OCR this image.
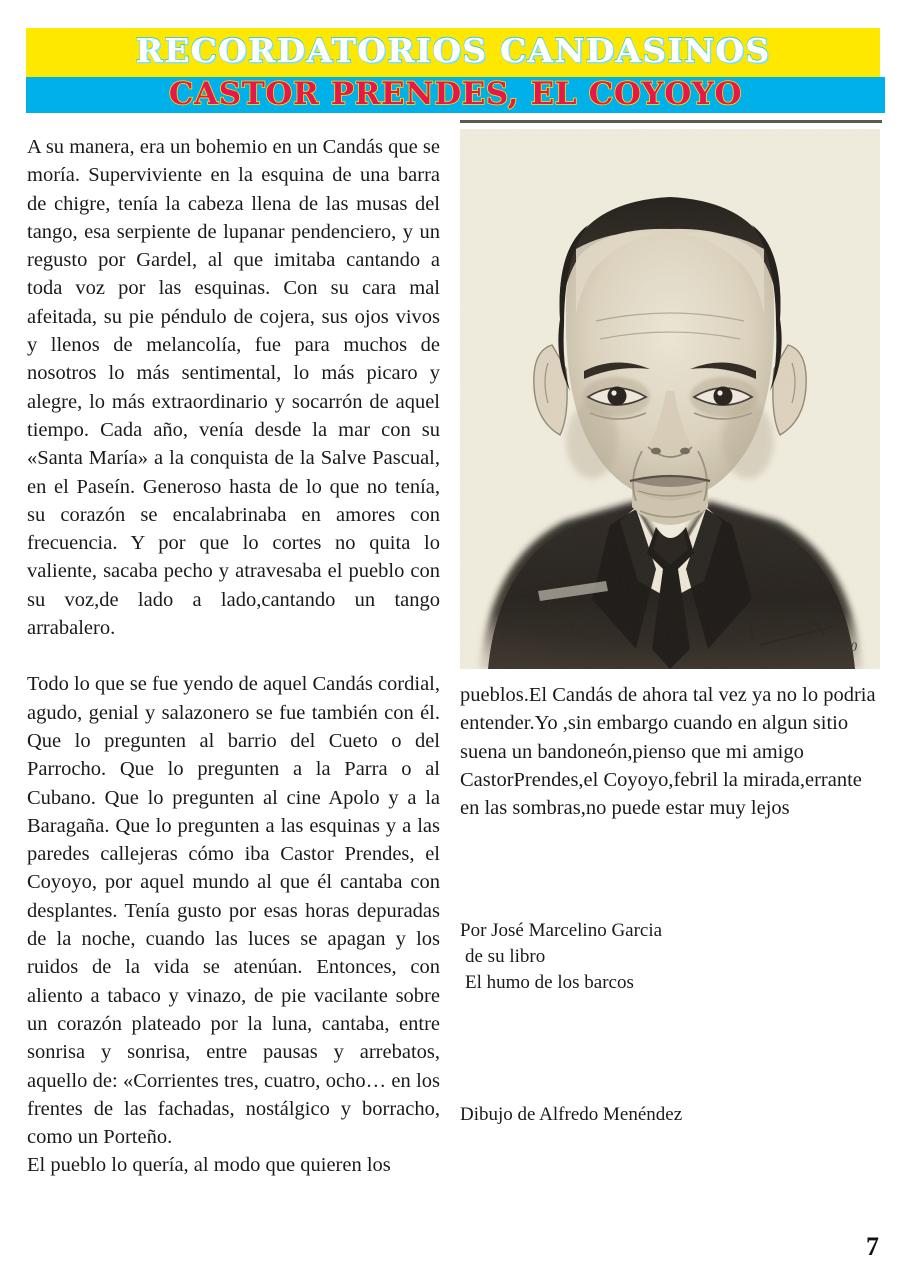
RECORDATORIOS CANDASINOS
CASTOR PRENDES, EL COYOYO

A su manera, era un bohemio en un Candás que se moría. Superviviente en la esquina de una barra de chigre, tenía la cabeza llena de las musas del tango, esa serpiente de lupanar pendenciero, y un regusto por Gardel, al que imitaba cantando a toda voz por las esquinas. Con su cara mal afeitada, su pie péndulo de cojera, sus ojos vivos y llenos de melancolía, fue para muchos de nosotros lo más sentimental, lo más picaro y alegre, lo más extraordinario y socarrón de aquel tiempo. Cada año, venía desde la mar con su «Santa María» a la conquista de la Salve Pascual, en el Paseín. Generoso hasta de lo que no tenía, su corazón se encalabrinaba en amores con frecuencia. Y por que lo cortes no quita lo valiente, sacaba pecho y atravesaba el pueblo con su voz,de lado a lado,cantando un tango arrabalero.

Todo lo que se fue yendo de aquel Candás cordial, agudo, genial y salazonero se fue también con él. Que lo pregunten al barrio del Cueto o del Parrocho. Que lo pregunten a la Parra o al Cubano. Que lo pregunten al cine Apolo y a la Baragaña. Que lo pregunten a las esquinas y a las paredes callejeras cómo iba Castor Prendes, el Coyoyo, por aquel mundo al que él cantaba con desplantes. Tenía gusto por esas horas depuradas de la noche, cuando las luces se apagan y los ruidos de la vida se atenúan. Entonces, con aliento a tabaco y vinazo, de pie vacilante sobre un corazón plateado por la luna, cantaba, entre sonrisa y sonrisa, entre pausas y arrebatos, aquello de: «Corrientes tres, cuatro, ocho… en los frentes de las fachadas, nostálgico y borracho, como un Porteño.

El pueblo lo quería, al modo que quieren los

2000

pueblos.El Candás de ahora tal vez ya no lo podria entender.Yo ,sin embargo cuando en algun sitio suena un bandoneón,pienso que mi amigo CastorPrendes,el Coyoyo,febril la mirada,errante en las sombras,no puede estar muy lejos

Por José Marcelino Garcia
de su libro
El humo de los barcos
Dibujo de Alfredo Menéndez
7
